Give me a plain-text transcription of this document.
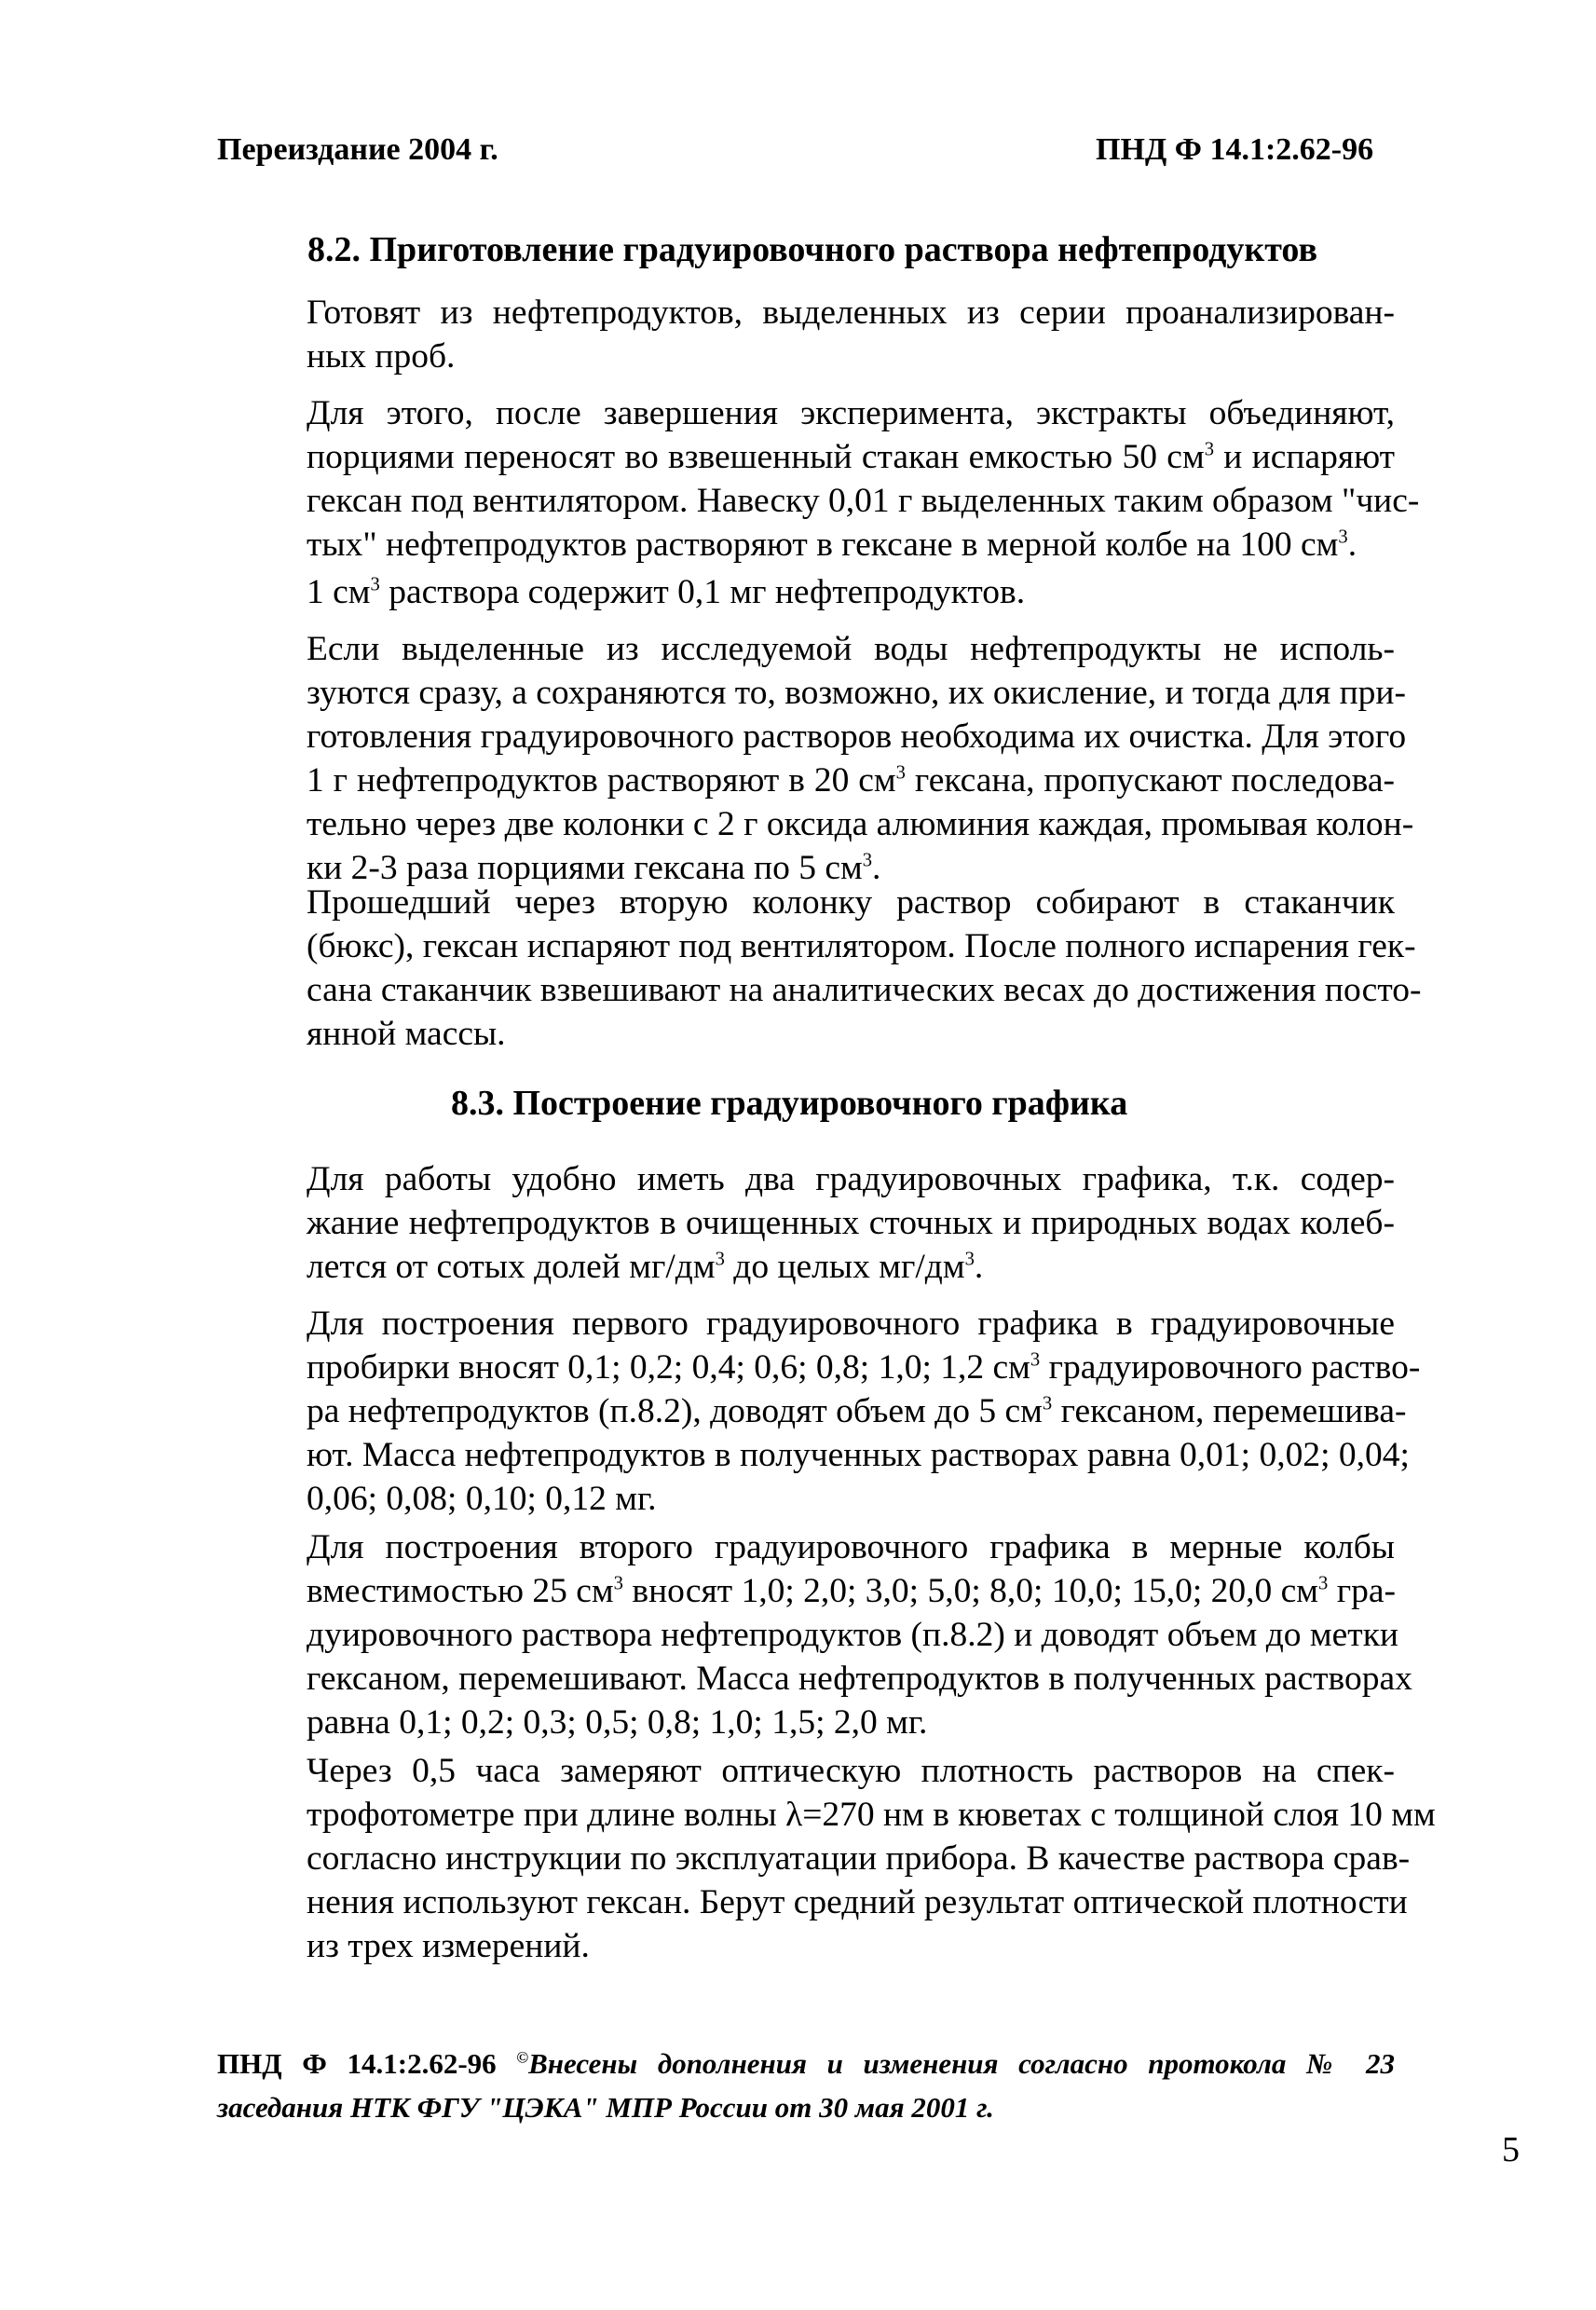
Переиздание 2004 г.	ПНД Ф 14.1:2.62-96
8.2. Приготовление градуировочного раствора нефтепродуктов
Готовят из нефтепродуктов, выделенных из серии проанализирован-
ных проб.
Для этого, после завершения эксперимента, экстракты объединяют,
порциями переносят во взвешенный стакан емкостью 50 $см^3$ и испаряют
гексан под вентилятором. Навеску 0,01 г выделенных таким образом "чис-
тых" нефтепродуктов растворяют в гексане в мерной колбе на 100 $см^3$.
1 $см^3$ раствора содержит 0,1 мг нефтепродуктов.
Если выделенные из исследуемой воды нефтепродукты не исполь-
зуются сразу, а сохраняются то, возможно, их окисление, и тогда для при-
готовления градуировочного растворов необходима их очистка. Для этого
1 г нефтепродуктов растворяют в 20 $см^3$ гексана, пропускают последова-
тельно через две колонки с 2 г оксида алюминия каждая, промывая колон-
ки 2-3 раза порциями гексана по 5 $см^3$.
Прошедший через вторую колонку раствор собирают в стаканчик
(бюкс), гексан испаряют под вентилятором. После полного испарения гек-
сана стаканчик взвешивают на аналитических весах до достижения посто-
янной массы.
8.3. Построение градуировочного графика
Для работы удобно иметь два градуировочных графика, т.к. содер-
жание нефтепродуктов в очищенных сточных и природных водах колеб-
лется от сотых долей $мг/дм^3$ до целых $мг/дм^3$.
Для построения первого градуировочного графика в градуировочные
пробирки вносят 0,1; 0,2; 0,4; 0,6; 0,8; 1,0; 1,2 $см^3$ градуировочного раство-
ра нефтепродуктов (п.8.2), доводят объем до 5 $см^3$ гексаном, перемешива-
ют. Масса нефтепродуктов в полученных растворах равна 0,01; 0,02; 0,04;
0,06; 0,08; 0,10; 0,12 мг.
Для построения второго градуировочного графика в мерные колбы
вместимостью 25 $см^3$ вносят 1,0; 2,0; 3,0; 5,0; 8,0; 10,0; 15,0; 20,0 $см^3$ гра-
дуировочного раствора нефтепродуктов (п.8.2) и доводят объем до метки
гексаном, перемешивают. Масса нефтепродуктов в полученных растворах
равна 0,1; 0,2; 0,3; 0,5; 0,8; 1,0; 1,5; 2,0 мг.
Через 0,5 часа замеряют оптическую плотность растворов на спек-
трофотометре при длине волны λ=270 нм в кюветах с толщиной слоя 10 мм
согласно инструкции по эксплуатации прибора. В качестве раствора срав-
нения используют гексан. Берут средний результат оптической плотности
из трех измерений.
ПНД Ф 14.1:2.62-96 ©Внесены дополнения и изменения согласно протокола № 23
заседания НТК ФГУ "ЦЭКА" МПР России от 30 мая 2001 г.
5
